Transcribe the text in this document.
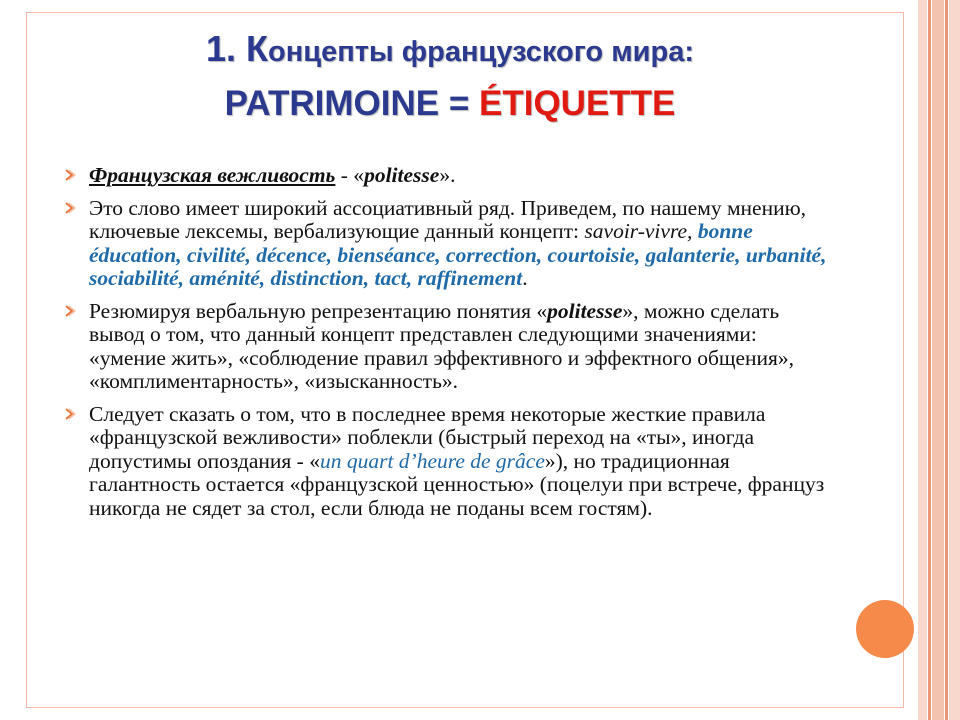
1. Концепты французского мира:
PATRIMOINE = ÉTIQUETTE
Французская вежливость - «politesse».
Это слово имеет широкий ассоциативный ряд. Приведем, по нашему мнению, ключевые лексемы, вербализующие данный концепт: savoir-vivre, bonne éducation, civilité, décence, bienséance, correction, courtoisie, galanterie, urbanité, sociabilité, aménité, distinction, tact, raffinement.
Резюмируя вербальную репрезентацию понятия «politesse», можно сделать вывод о том, что данный концепт представлен следующими значениями: «умение жить», «соблюдение правил эффективного и эффектного общения», «комплиментарность», «изысканность».
Следует сказать о том, что в последнее время некоторые жесткие правила «французской вежливости» поблекли (быстрый переход на «ты», иногда допустимы опоздания - «un quart d’heure de grâce»), но традиционная галантность остается «французской ценностью» (поцелуи при встрече, француз никогда не сядет за стол, если блюда не поданы всем гостям).
